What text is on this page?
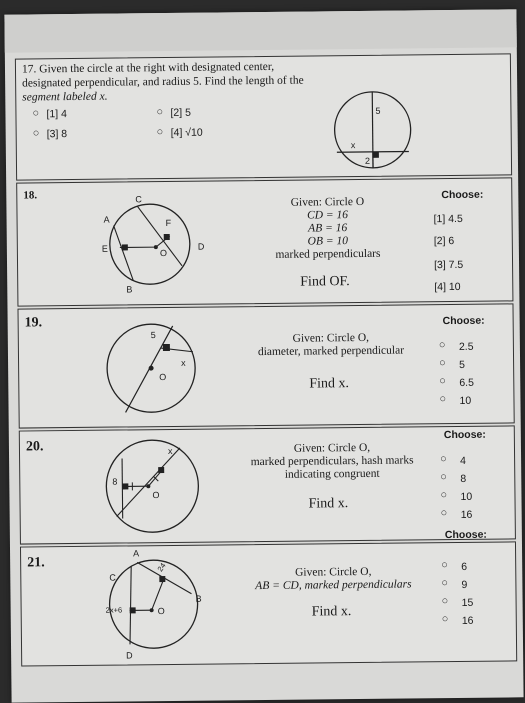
17. Given the circle at the right with designated center,
designated perpendicular, and radius 5. Find the length of the
segment labeled x.
○ [1] 4	○ [2] 5
○ [3] 8	○ [4] √10
5
x
2
18.
A
B
C
D
E
F
O
Given: Circle O
CD = 16
AB = 16
OB = 10
marked perpendiculars
Find OF.
Choose:
[1] 4.5
[2] 6
[3] 7.5
[4] 10
19.
5
x
O
Given: Circle O,
diameter, marked perpendicular
Find x.
Choose:
○ 2.5
○ 5
○ 6.5
○ 10
20.	x
8
O
Given: Circle O,
marked perpendiculars, hash marks
indicating congruent
Find x.
Choose:
○ 4
○ 8
○ 10
○ 16
21.
A
B
C
D
O
2x+6
24	Given: Circle O,
AB = CD, marked perpendiculars
Find x.
Choose:
○ 6
○ 9
○ 15
○ 16
